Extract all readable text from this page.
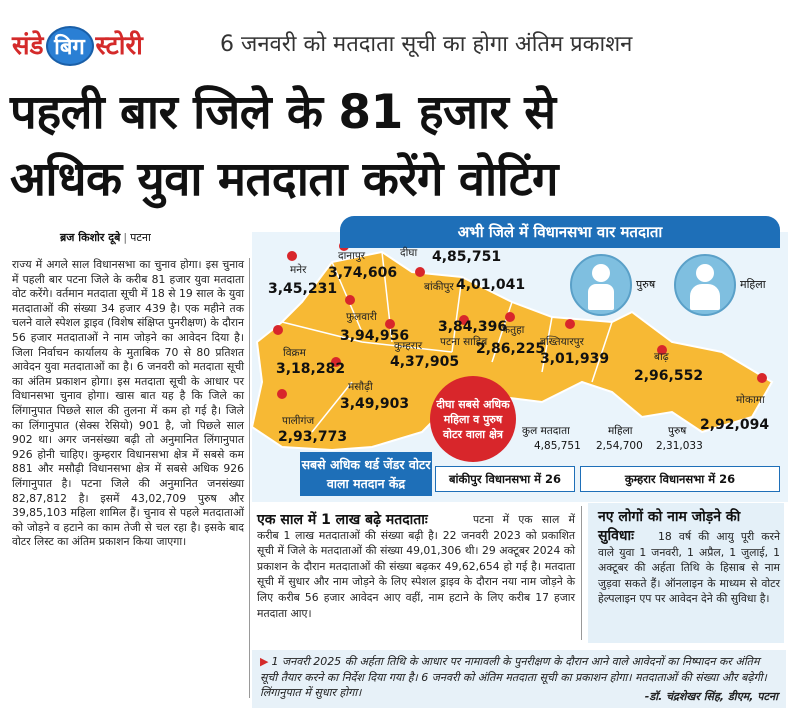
संडे बिग स्टोरी	6 जनवरी को मतदाता सूची का होगा अंतिम प्रकाशन
पहली बार जिले के 81 हजार से
अधिक युवा मतदाता करेंगे वोटिंग
ब्रज किशोर दूबे | पटना
राज्य में अगले साल विधानसभा का चुनाव होगा। इस चुनाव में पहली बार पटना जिले के करीब 81 हजार युवा मतदाता वोट करेंगे। वर्तमान मतदाता सूची में 18 से 19 साल के युवा मतदाताओं की संख्या 34 हजार 439 है। एक महीने तक चलने वाले स्पेशल ड्राइव (विशेष संक्षिप्त पुनरीक्षण) के दौरान 56 हजार मतदाताओं ने नाम जोड़ने का आवेदन दिया है। जिला निर्वाचन कार्यालय के मुताबिक 70 से 80 प्रतिशत आवेदन युवा मतदाताओं का है। 6 जनवरी को मतदाता सूची का अंतिम प्रकाशन होगा। इस मतदाता सूची के आधार पर विधानसभा चुनाव होगा। खास बात यह है कि जिले का लिंगानुपात पिछले साल की तुलना में कम हो गई है। जिले का लिंगानुपात (सेक्स रेसियो) 901 है, जो पिछले साल 902 था। अगर जनसंख्या बढ़ी तो अनुमानित लिंगानुपात 926 होनी चाहिए। कुम्हरार विधानसभा क्षेत्र में सबसे कम 881 और मसौढ़ी विधानसभा क्षेत्र में सबसे अधिक 926 लिंगानुपात है। पटना जिले की अनुमानित जनसंख्या 82,87,812 है। इसमें 43,02,709 पुरुष और 39,85,103 महिला शामिल हैं। चुनाव से पहले मतदाताओं को जोड़ने व हटाने का काम तेजी से चल रहा है। इसके बाद वोटर लिस्ट का अंतिम प्रकाशन किया जाएगा।
अभी जिले में विधानसभा वार मतदाता
पुरुष	महिला
मनेर
3,45,231
दानापुर
3,74,606
दीघा 4,85,751
बांकीपुर 4,01,041
फुलवारी
3,94,956
कुम्हरार
4,37,905
पटना साहिब
3,84,396
फतुहा
2,86,225
बख्तियारपुर
3,01,939	बाढ़
2,96,552
मोकामा
2,92,094
विक्रम
3,18,282
मसौढ़ी
3,49,903
पालीगंज
2,93,773
दीघा सबसे अधिक महिला व पुरुष वोटर वाला क्षेत्र	कुल मतदाता
4,85,751
महिला
2,54,700
पुरुष
2,31,033
सबसे अधिक थर्ड जेंडर वोटर वाला मतदान केंद्र	बांकीपुर विधानसभा में 26	कुम्हरार विधानसभा में 26
एक साल में 1 लाख बढ़े मतदाताः	पटना में एक साल में करीब 1 लाख मतदाताओं की संख्या बढ़ी है। 22 जनवरी 2023 को प्रकाशित सूची में जिले के मतदाताओं की संख्या 49,01,306 थी। 29 अक्टूबर 2024 को प्रकाशन के दौरान मतदाताओं की संख्या बढ़कर 49,62,654 हो गई है। मतदाता सूची में सुधार और नाम जोड़ने के लिए स्पेशल ड्राइव के दौरान नया नाम जोड़ने के लिए करीब 56 हजार आवेदन आए वहीं, नाम हटाने के लिए करीब 17 हजार मतदाता आए।
नए लोगों को नाम जोड़ने की सुविधाः	18 वर्ष की आयु पूरी करने वाले युवा 1 जनवरी, 1 अप्रैल, 1 जुलाई, 1 अक्टूबर की अर्हता तिथि के हिसाब से नाम जुड़वा सकते हैं। ऑनलाइन के माध्यम से वोटर हेल्पलाइन एप पर आवेदन देने की सुविधा है।
▶ 1 जनवरी 2025 की अर्हता तिथि के आधार पर नामावली के पुनरीक्षण के दौरान आने वाले आवेदनों का निष्पादन कर अंतिम सूची तैयार करने का निर्देश दिया गया है। 6 जनवरी को अंतिम मतदाता सूची का प्रकाशन होगा। मतदाताओं की संख्या और बढ़ेगी। लिंगानुपात में सुधार होगा।	-डॉ. चंद्रशेखर सिंह, डीएम, पटना
